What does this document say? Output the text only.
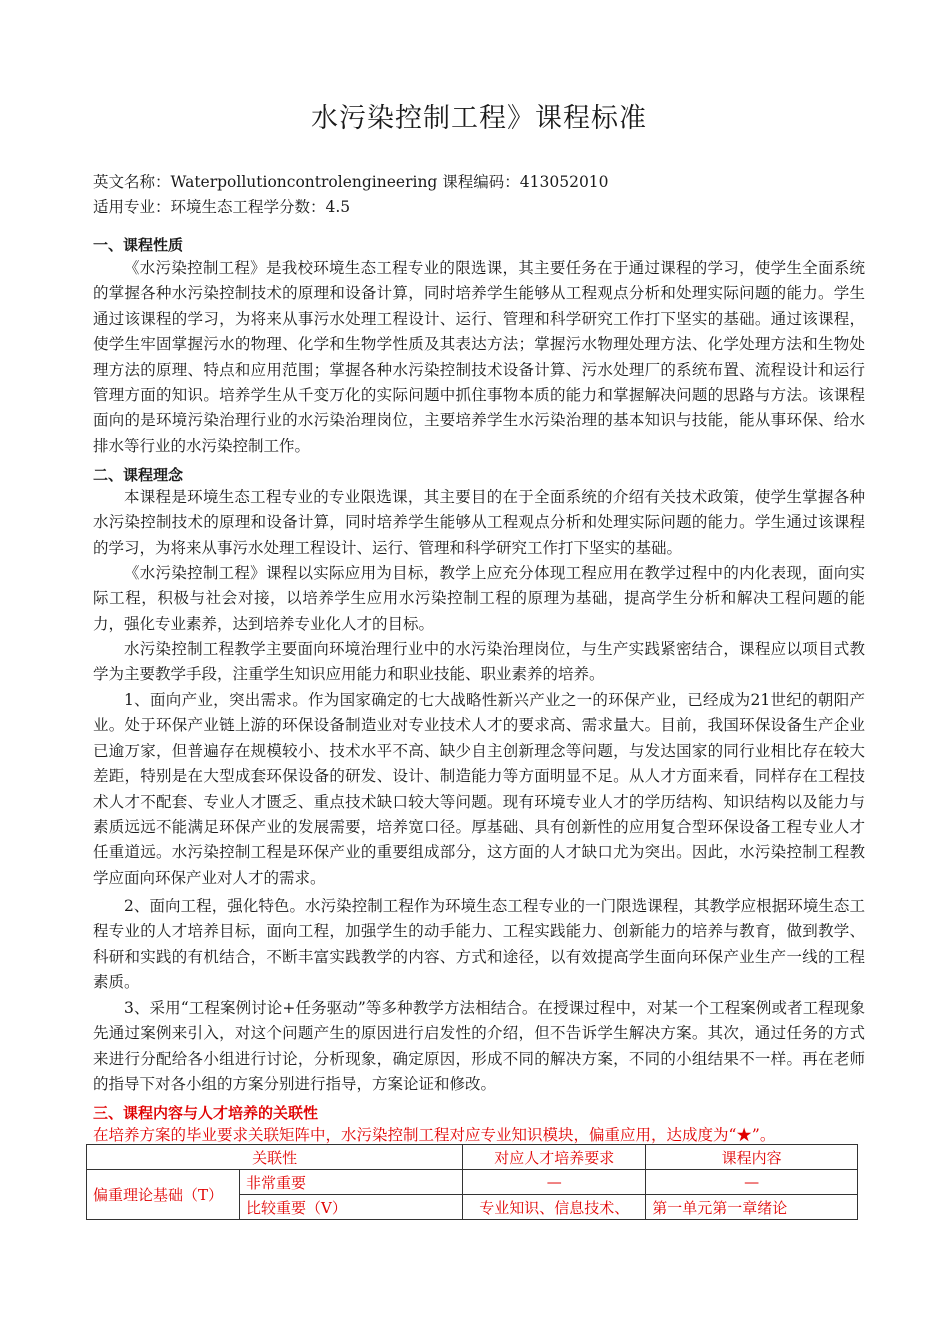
水污染控制工程》课程标准
英文名称：Waterpollutioncontrolengineering 课程编码：413052010
适用专业：环境生态工程学分数：4.5
一、课程性质

《水污染控制工程》是我校环境生态工程专业的限选课，其主要任务在于通过课程的学习，使学生全面系统的掌握各种水污染控制技术的原理和设备计算，同时培养学生能够从工程观点分析和处理实际问题的能力。学生通过该课程的学习，为将来从事污水处理工程设计、运行、管理和科学研究工作打下坚实的基础。通过该课程，使学生牢固掌握污水的物理、化学和生物学性质及其表达方法；掌握污水物理处理方法、化学处理方法和生物处理方法的原理、特点和应用范围；掌握各种水污染控制技术设备计算、污水处理厂的系统布置、流程设计和运行管理方面的知识。培养学生从千变万化的实际问题中抓住事物本质的能力和掌握解决问题的思路与方法。该课程面向的是环境污染治理行业的水污染治理岗位，主要培养学生水污染治理的基本知识与技能，能从事环保、给水排水等行业的水污染控制工作。

二、课程理念

本课程是环境生态工程专业的专业限选课，其主要目的在于全面系统的介绍有关技术政策，使学生掌握各种水污染控制技术的原理和设备计算，同时培养学生能够从工程观点分析和处理实际问题的能力。学生通过该课程的学习，为将来从事污水处理工程设计、运行、管理和科学研究工作打下坚实的基础。

《水污染控制工程》课程以实际应用为目标，教学上应充分体现工程应用在教学过程中的内化表现，面向实际工程，积极与社会对接，以培养学生应用水污染控制工程的原理为基础，提高学生分析和解决工程问题的能力，强化专业素养，达到培养专业化人才的目标。

水污染控制工程教学主要面向环境治理行业中的水污染治理岗位，与生产实践紧密结合，课程应以项目式教学为主要教学手段，注重学生知识应用能力和职业技能、职业素养的培养。

1、面向产业，突出需求。作为国家确定的七大战略性新兴产业之一的环保产业，已经成为21世纪的朝阳产业。处于环保产业链上游的环保设备制造业对专业技术人才的要求高、需求量大。目前，我国环保设备生产企业已逾万家，但普遍存在规模较小、技术水平不高、缺少自主创新理念等问题，与发达国家的同行业相比存在较大差距，特别是在大型成套环保设备的研发、设计、制造能力等方面明显不足。从人才方面来看，同样存在工程技术人才不配套、专业人才匮乏、重点技术缺口较大等问题。现有环境专业人才的学历结构、知识结构以及能力与素质远远不能满足环保产业的发展需要，培养宽口径。厚基础、具有创新性的应用复合型环保设备工程专业人才任重道远。水污染控制工程是环保产业的重要组成部分，这方面的人才缺口尤为突出。因此，水污染控制工程教学应面向环保产业对人才的需求。

2、面向工程，强化特色。水污染控制工程作为环境生态工程专业的一门限选课程，其教学应根据环境生态工程专业的人才培养目标，面向工程，加强学生的动手能力、工程实践能力、创新能力的培养与教育，做到教学、科研和实践的有机结合，不断丰富实践教学的内容、方式和途径，以有效提高学生面向环保产业生产一线的工程素质。

3、采用“工程案例讨论+任务驱动”等多种教学方法相结合。在授课过程中，对某一个工程案例或者工程现象先通过案例来引入，对这个问题产生的原因进行启发性的介绍，但不告诉学生解决方案。其次，通过任务的方式来进行分配给各小组进行讨论，分析现象，确定原因，形成不同的解决方案，不同的小组结果不一样。再在老师的指导下对各小组的方案分别进行指导，方案论证和修改。

三、课程内容与人才培养的关联性

在培养方案的毕业要求关联矩阵中，水污染控制工程对应专业知识模块，偏重应用，达成度为“★”。

关联性		对应人才培养要求	课程内容
偏重理论基础（T）	非常重要	—	—
	比较重要（V）	专业知识、信息技术、	第一单元第一章绪论
